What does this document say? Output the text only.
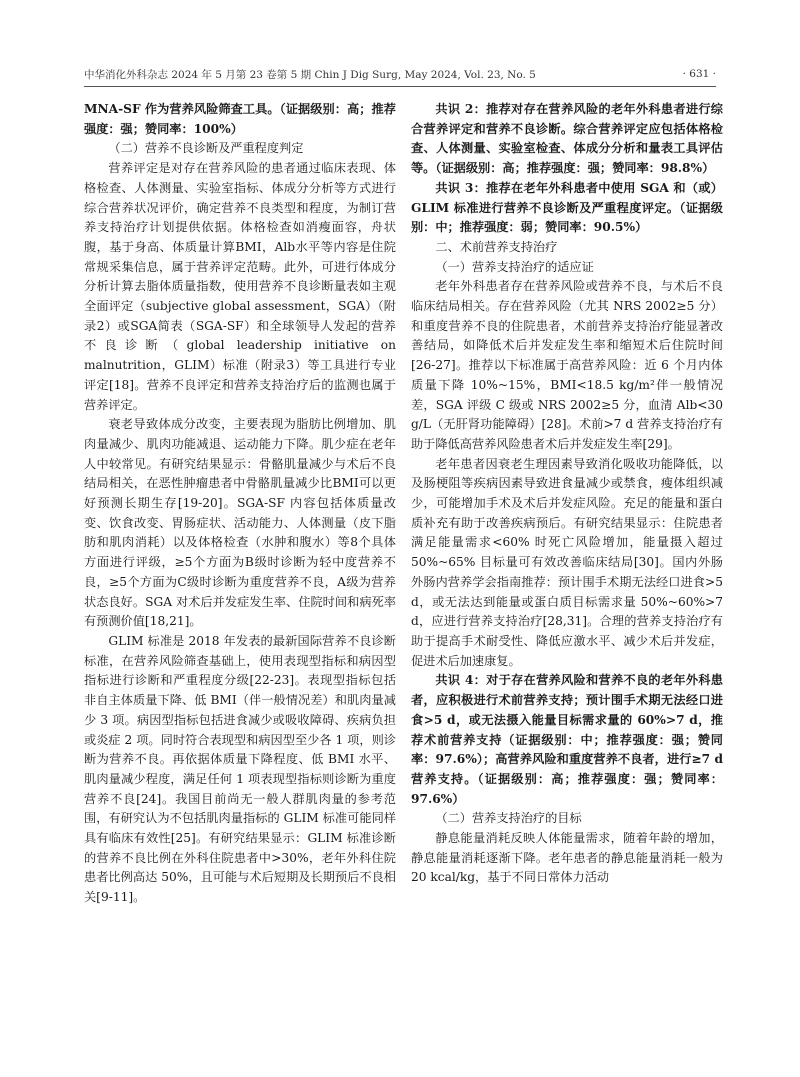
中华消化外科杂志 2024 年 5 月第 23 卷第 5 期 Chin J Dig Surg, May 2024, Vol. 23, No. 5	· 631 ·

MNA-SF 作为营养风险筛查工具。（证据级别：高；推荐强度：强；赞同率：100%）

（二）营养不良诊断及严重程度判定

营养评定是对存在营养风险的患者通过临床表现、体格检查、人体测量、实验室指标、体成分分析等方式进行综合营养状况评价，确定营养不良类型和程度，为制订营养支持治疗计划提供依据。体格检查如消瘦面容，舟状腹，基于身高、体质量计算BMI，Alb水平等内容是住院常规采集信息，属于营养评定范畴。此外，可进行体成分分析计算去脂体质量指数，使用营养不良诊断量表如主观全面评定（subjective global assessment，SGA）（附录2）或SGA简表（SGA-SF）和全球领导人发起的营养不良诊断（global leadership initiative on malnutrition，GLIM）标准（附录3）等工具进行专业评定[18]。营养不良评定和营养支持治疗后的监测也属于营养评定。

衰老导致体成分改变，主要表现为脂肪比例增加、肌肉量减少、肌肉功能减退、运动能力下降。肌少症在老年人中较常见。有研究结果显示：骨骼肌量减少与术后不良结局相关，在恶性肿瘤患者中骨骼肌量减少比BMI可以更好预测长期生存[19-20]。SGA-SF 内容包括体质量改变、饮食改变、胃肠症状、活动能力、人体测量（皮下脂肪和肌肉消耗）以及体格检查（水肿和腹水）等8个具体方面进行评级，≥5个方面为B级时诊断为轻中度营养不良，≥5个方面为C级时诊断为重度营养不良，A级为营养状态良好。SGA 对术后并发症发生率、住院时间和病死率有预测价值[18,21]。

GLIM 标准是 2018 年发表的最新国际营养不良诊断标准，在营养风险筛查基础上，使用表现型指标和病因型指标进行诊断和严重程度分级[22-23]。表现型指标包括非自主体质量下降、低 BMI（伴一般情况差）和肌肉量减少 3 项。病因型指标包括进食减少或吸收障碍、疾病负担或炎症 2 项。同时符合表现型和病因型至少各 1 项，则诊断为营养不良。再依据体质量下降程度、低 BMI 水平、肌肉量减少程度，满足任何 1 项表现型指标则诊断为重度营养不良[24]。我国目前尚无一般人群肌肉量的参考范围，有研究认为不包括肌肉量指标的 GLIM 标准可能同样具有临床有效性[25]。有研究结果显示：GLIM 标准诊断的营养不良比例在外科住院患者中>30%，老年外科住院患者比例高达 50%，且可能与术后短期及长期预后不良相关[9-11]。

共识 2：推荐对存在营养风险的老年外科患者进行综合营养评定和营养不良诊断。综合营养评定应包括体格检查、人体测量、实验室检查、体成分分析和量表工具评估等。（证据级别：高；推荐强度：强；赞同率：98.8%）

共识 3：推荐在老年外科患者中使用 SGA 和（或）GLIM 标准进行营养不良诊断及严重程度评定。（证据级别：中；推荐强度：弱；赞同率：90.5%）

二、术前营养支持治疗
（一）营养支持治疗的适应证

老年外科患者存在营养风险或营养不良，与术后不良临床结局相关。存在营养风险（尤其 NRS 2002≥5 分）和重度营养不良的住院患者，术前营养支持治疗能显著改善结局，如降低术后并发症发生率和缩短术后住院时间[26-27]。推荐以下标准属于高营养风险：近 6 个月内体质量下降 10%~15%，BMI<18.5 kg/m²伴一般情况差，SGA 评级 C 级或 NRS 2002≥5 分，血清 Alb<30 g/L（无肝肾功能障碍）[28]。术前>7 d 营养支持治疗有助于降低高营养风险患者术后并发症发生率[29]。

老年患者因衰老生理因素导致消化吸收功能降低，以及肠梗阻等疾病因素导致进食量减少或禁食，瘦体组织减少，可能增加手术及术后并发症风险。充足的能量和蛋白质补充有助于改善疾病预后。有研究结果显示：住院患者满足能量需求<60% 时死亡风险增加，能量摄入超过 50%~65% 目标量可有效改善临床结局[30]。国内外肠外肠内营养学会指南推荐：预计围手术期无法经口进食>5 d，或无法达到能量或蛋白质目标需求量 50%~60%>7 d，应进行营养支持治疗[28,31]。合理的营养支持治疗有助于提高手术耐受性、降低应激水平、减少术后并发症，促进术后加速康复。

共识 4：对于存在营养风险和营养不良的老年外科患者，应积极进行术前营养支持；预计围手术期无法经口进食>5 d，或无法摄入能量目标需求量的 60%>7 d，推荐术前营养支持（证据级别：中；推荐强度：强；赞同率：97.6%）；高营养风险和重度营养不良者，进行≥7 d 营养支持。（证据级别：高；推荐强度：强；赞同率：97.6%）

（二）营养支持治疗的目标

静息能量消耗反映人体能量需求，随着年龄的增加，静息能量消耗逐渐下降。老年患者的静息能量消耗一般为 20 kcal/kg，基于不同日常体力活动
